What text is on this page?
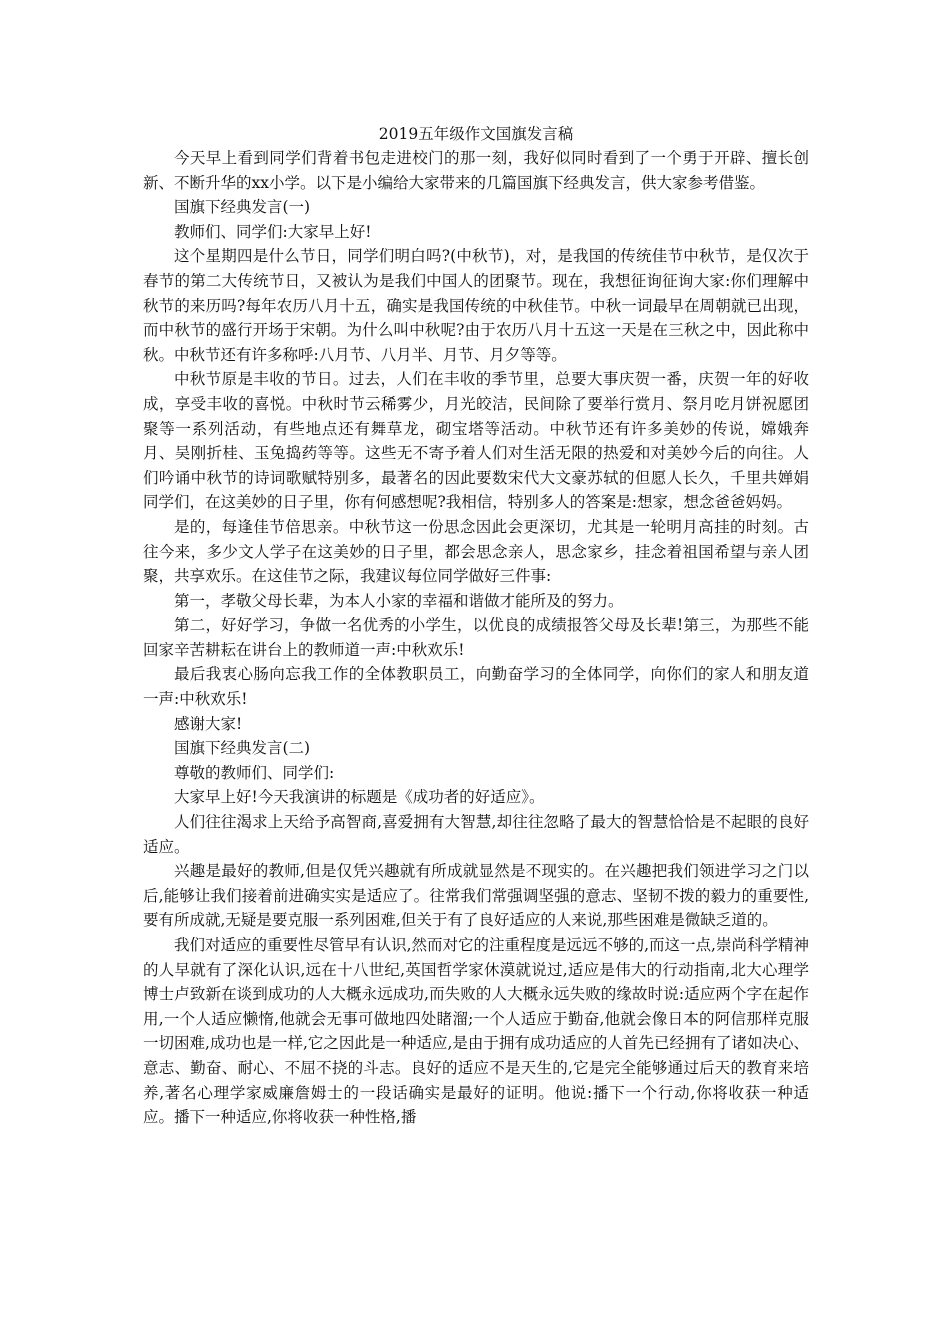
2019五年级作文国旗发言稿

今天早上看到同学们背着书包走进校门的那一刻，我好似同时看到了一个勇于开辟、擅长创新、不断升华的xx小学。以下是小编给大家带来的几篇国旗下经典发言，供大家参考借鉴。

国旗下经典发言(一)

教师们、同学们:大家早上好!

这个星期四是什么节日，同学们明白吗?(中秋节)，对，是我国的传统佳节中秋节，是仅次于春节的第二大传统节日，又被认为是我们中国人的团聚节。现在，我想征询征询大家:你们理解中秋节的来历吗?每年农历八月十五，确实是我国传统的中秋佳节。中秋一词最早在周朝就已出现，而中秋节的盛行开场于宋朝。为什么叫中秋呢?由于农历八月十五这一天是在三秋之中，因此称中秋。中秋节还有许多称呼:八月节、八月半、月节、月夕等等。

中秋节原是丰收的节日。过去，人们在丰收的季节里，总要大事庆贺一番，庆贺一年的好收成，享受丰收的喜悦。中秋时节云稀雾少，月光皎洁，民间除了要举行赏月、祭月吃月饼祝愿团聚等一系列活动，有些地点还有舞草龙，砌宝塔等活动。中秋节还有许多美妙的传说，嫦娥奔月、吴刚折桂、玉兔捣药等等。这些无不寄予着人们对生活无限的热爱和对美妙今后的向往。人们吟诵中秋节的诗词歌赋特别多，最著名的因此要数宋代大文豪苏轼的但愿人长久，千里共婵娟同学们，在这美妙的日子里，你有何感想呢?我相信，特别多人的答案是:想家，想念爸爸妈妈。

是的，每逢佳节倍思亲。中秋节这一份思念因此会更深切，尤其是一轮明月高挂的时刻。古往今来，多少文人学子在这美妙的日子里，都会思念亲人，思念家乡，挂念着祖国希望与亲人团聚，共享欢乐。在这佳节之际，我建议每位同学做好三件事:

第一，孝敬父母长辈，为本人小家的幸福和谐做才能所及的努力。

第二，好好学习，争做一名优秀的小学生，以优良的成绩报答父母及长辈!第三，为那些不能回家辛苦耕耘在讲台上的教师道一声:中秋欢乐!

最后我衷心肠向忘我工作的全体教职员工，向勤奋学习的全体同学，向你们的家人和朋友道一声:中秋欢乐!

感谢大家!

国旗下经典发言(二)

尊敬的教师们、同学们:

大家早上好!今天我演讲的标题是《成功者的好适应》。

人们往往渴求上天给予高智商,喜爱拥有大智慧,却往往忽略了最大的智慧恰恰是不起眼的良好适应。

兴趣是最好的教师,但是仅凭兴趣就有所成就显然是不现实的。在兴趣把我们领进学习之门以后,能够让我们接着前进确实实是适应了。往常我们常强调坚强的意志、坚韧不拨的毅力的重要性,要有所成就,无疑是要克服一系列困难,但关于有了良好适应的人来说,那些困难是微缺乏道的。

我们对适应的重要性尽管早有认识,然而对它的注重程度是远远不够的,而这一点,崇尚科学精神的人早就有了深化认识,远在十八世纪,英国哲学家休漠就说过,适应是伟大的行动指南,北大心理学博士卢致新在谈到成功的人大概永远成功,而失败的人大概永远失败的缘故时说:适应两个字在起作用,一个人适应懒惰,他就会无事可做地四处睹溜;一个人适应于勤奋,他就会像日本的阿信那样克服一切困难,成功也是一样,它之因此是一种适应,是由于拥有成功适应的人首先已经拥有了诸如决心、意志、勤奋、耐心、不屈不挠的斗志。良好的适应不是天生的,它是完全能够通过后天的教育来培养,著名心理学家威廉詹姆士的一段话确实是最好的证明。他说:播下一个行动,你将收获一种适应。播下一种适应,你将收获一种性格,播
